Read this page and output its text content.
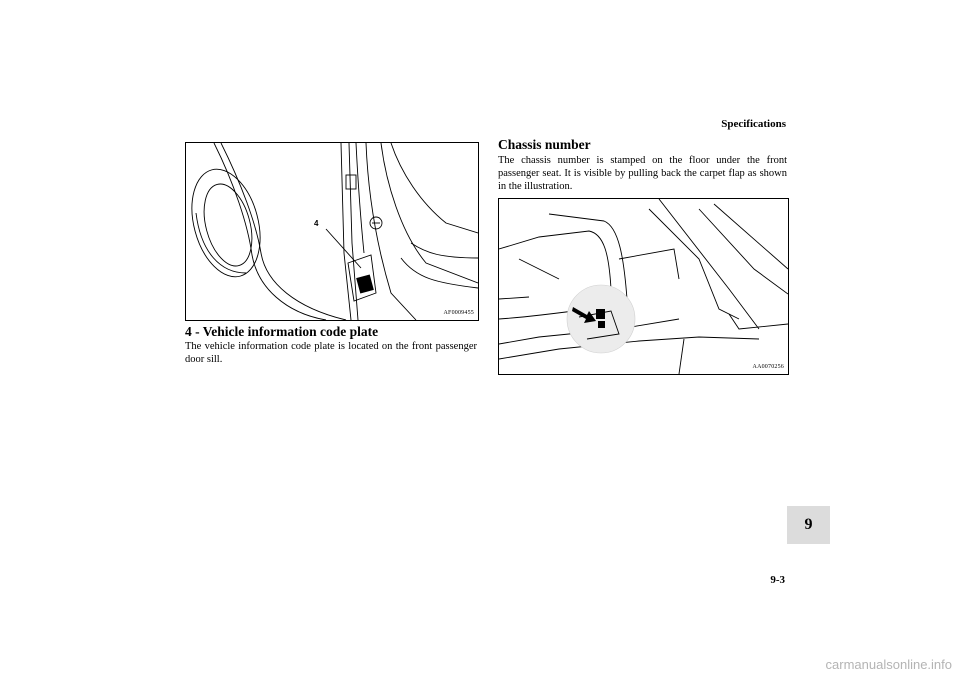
Specifications
4
AF0009455
4 - Vehicle information code plate

The vehicle information code plate is located on the front passenger door sill.

Chassis number

The chassis number is stamped on the floor under the front passenger seat. It is visible by pulling back the carpet flap as shown in the illustration.

AA0070256
9
9-3
carmanualsonline.info
